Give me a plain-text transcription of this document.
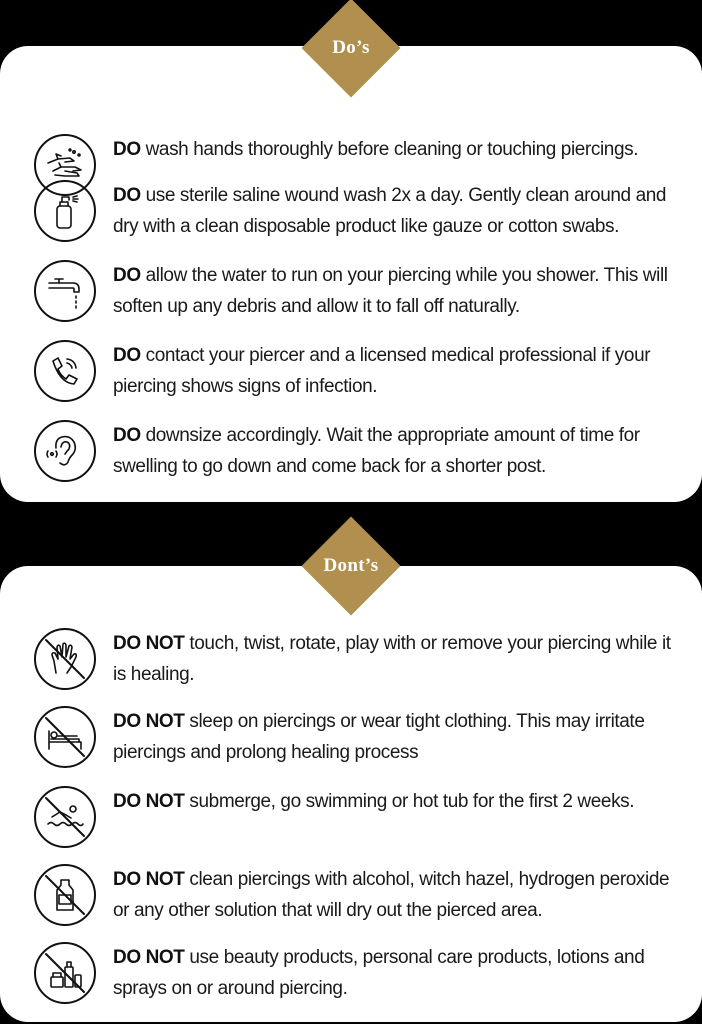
DO wash hands thoroughly before cleaning or touching piercings.
DO use sterile saline wound wash 2x a day. Gently clean around and dry with a clean disposable product like gauze or cotton swabs.
DO allow the water to run on your piercing while you shower. This will soften up any debris and allow it to fall off naturally.
DO contact your piercer and a licensed medical professional if your piercing shows signs of infection.
DO downsize accordingly. Wait the appropriate amount of time for swelling to go down and come back for a shorter post.
Do’s
DO NOT touch, twist, rotate, play with or remove your piercing while it is healing.
DO NOT sleep on piercings or wear tight clothing. This may irritate piercings and prolong healing process
DO NOT submerge, go swimming or hot tub for the first 2 weeks.
DO NOT clean piercings with alcohol, witch hazel, hydrogen peroxide or any other solution that will dry out the pierced area.
DO NOT use beauty products, personal care products, lotions and sprays on or around piercing.
Dont’s
